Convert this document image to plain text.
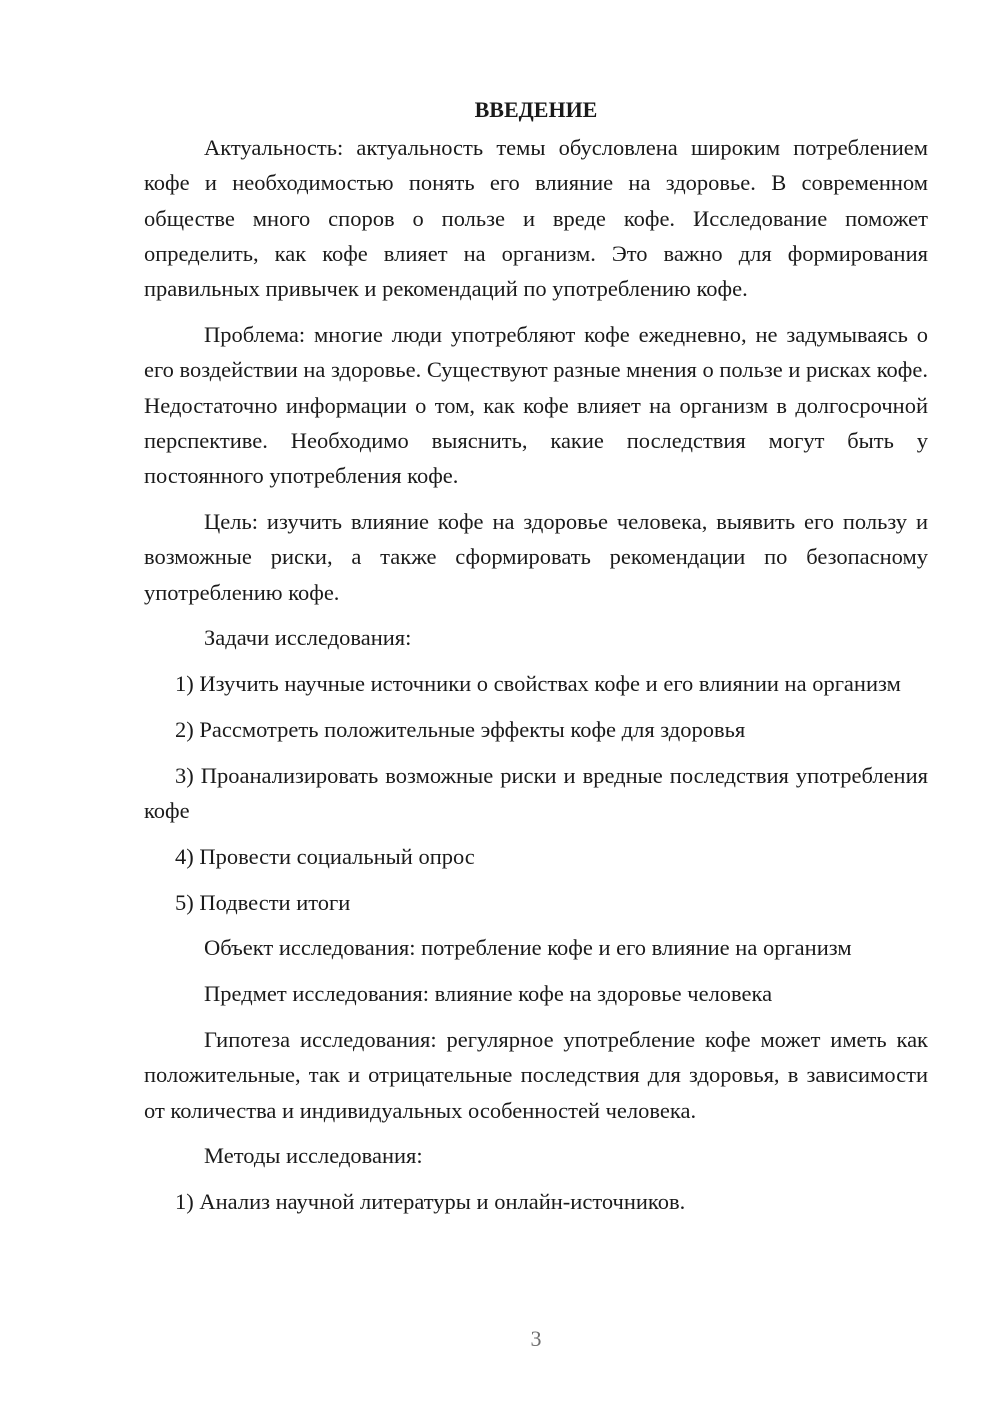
ВВЕДЕНИЕ

Актуальность: актуальность темы обусловлена широким потреблением кофе и необходимостью понять его влияние на здоровье. В современном обществе много споров о пользе и вреде кофе. Исследование поможет определить, как кофе влияет на организм. Это важно для формирования правильных привычек и рекомендаций по употреблению кофе.

Проблема: многие люди употребляют кофе ежедневно, не задумываясь о его воздействии на здоровье. Существуют разные мнения о пользе и рисках кофе. Недостаточно информации о том, как кофе влияет на организм в долгосрочной перспективе. Необходимо выяснить, какие последствия могут быть у постоянного употребления кофе.

Цель: изучить влияние кофе на здоровье человека, выявить его пользу и возможные риски, а также сформировать рекомендации по безопасному употреблению кофе.

Задачи исследования:

1) Изучить научные источники о свойствах кофе и его влиянии на организм

2) Рассмотреть положительные эффекты кофе для здоровья

3) Проанализировать возможные риски и вредные последствия употребления кофе

4) Провести социальный опрос

5) Подвести итоги

Объект исследования: потребление кофе и его влияние на организм

Предмет исследования: влияние кофе на здоровье человека

Гипотеза исследования: регулярное употребление кофе может иметь как положительные, так и отрицательные последствия для здоровья, в зависимости от количества и индивидуальных особенностей человека.

Методы исследования:

1) Анализ научной литературы и онлайн-источников.

3
